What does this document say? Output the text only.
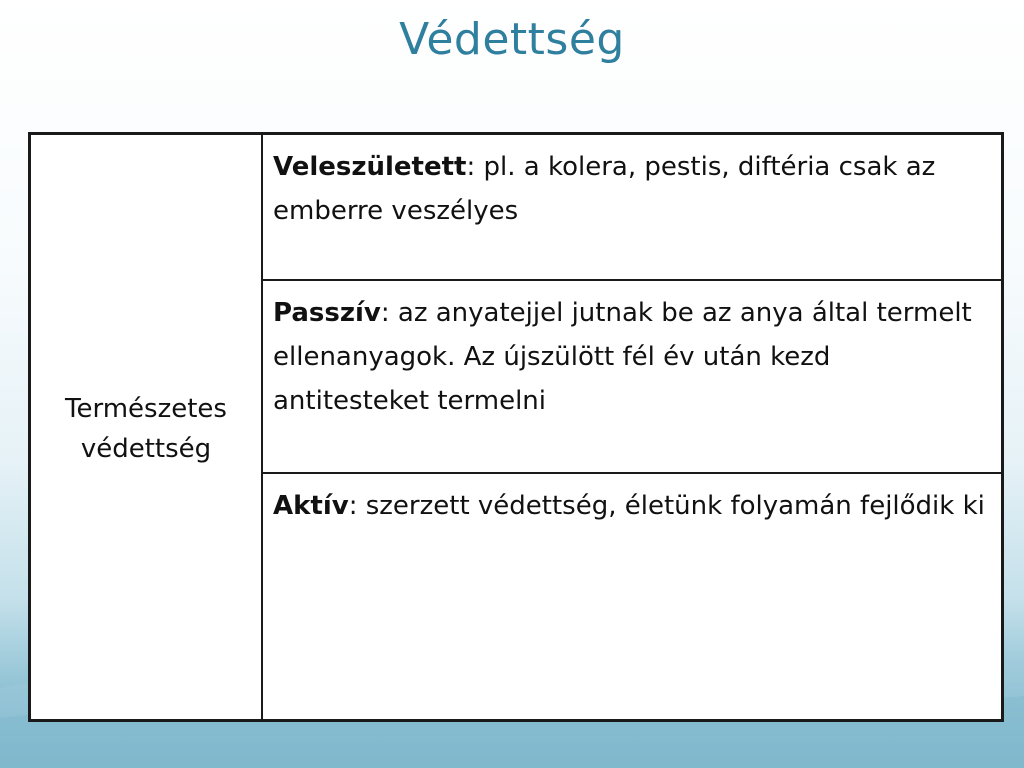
Védettség
Természetes védettség	Veleszületett: pl. a kolera, pestis, diftéria csak az emberre veszélyes
Passzív: az anyatejjel jutnak be az anya által termelt ellenanyagok. Az újszülött fél év után kezd antitesteket termelni
Aktív: szerzett védettség, életünk folyamán fejlődik ki
